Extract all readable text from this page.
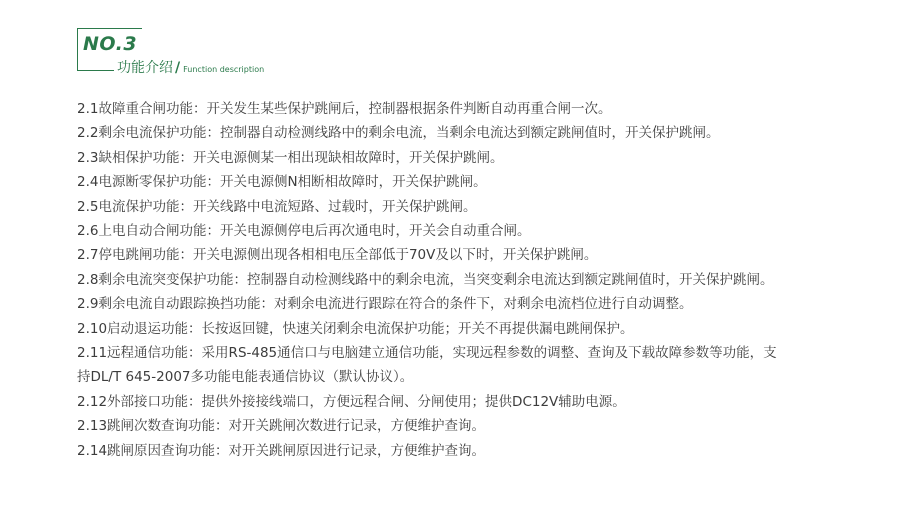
NO.3
功能介绍 / Function description

2.1故障重合闸功能：开关发生某些保护跳闸后，控制器根据条件判断自动再重合闸一次。

2.2剩余电流保护功能：控制器自动检测线路中的剩余电流，当剩余电流达到额定跳闸值时，开关保护跳闸。

2.3缺相保护功能：开关电源侧某一相出现缺相故障时，开关保护跳闸。

2.4电源断零保护功能：开关电源侧N相断相故障时，开关保护跳闸。

2.5电流保护功能：开关线路中电流短路、过载时，开关保护跳闸。

2.6上电自动合闸功能：开关电源侧停电后再次通电时，开关会自动重合闸。

2.7停电跳闸功能：开关电源侧出现各相相电压全部低于70V及以下时，开关保护跳闸。

2.8剩余电流突变保护功能：控制器自动检测线路中的剩余电流，当突变剩余电流达到额定跳闸值时，开关保护跳闸。

2.9剩余电流自动跟踪换挡功能：对剩余电流进行跟踪在符合的条件下，对剩余电流档位进行自动调整。

2.10启动退运功能：长按返回键，快速关闭剩余电流保护功能；开关不再提供漏电跳闸保护。

2.11远程通信功能：采用RS-485通信口与电脑建立通信功能，实现远程参数的调整、查询及下载故障参数等功能，支持DL/T 645-2007多功能电能表通信协议（默认协议）。

2.12外部接口功能：提供外接接线端口，方便远程合闸、分闸使用；提供DC12V辅助电源。

2.13跳闸次数查询功能：对开关跳闸次数进行记录，方便维护查询。

2.14跳闸原因查询功能：对开关跳闸原因进行记录，方便维护查询。
